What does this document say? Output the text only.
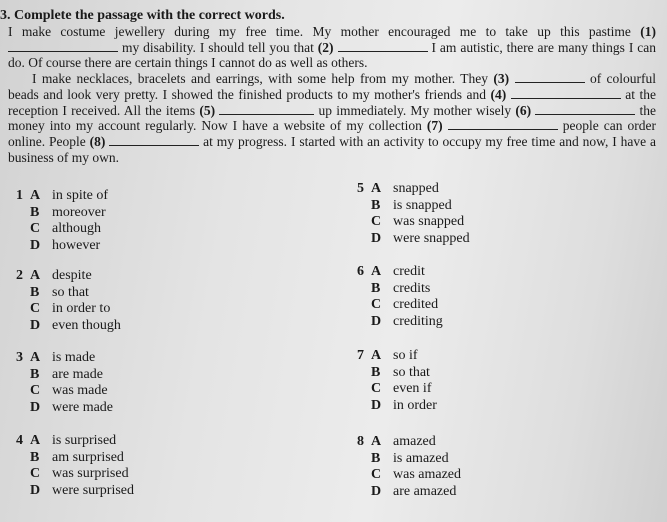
3. Complete the passage with the correct words.

I make costume jewellery during my free time. My mother encouraged me to take up this pastime (1)  my disability. I should tell you that (2)	I am autistic, there are many things I can do. Of course there are certain things I cannot do as well as others.

I make necklaces, bracelets and earrings, with some help from my mother. They (3)	of colourful beads and look very pretty. I showed the finished products to my mother's friends and (4)	at the reception I received. All the items (5)	up immediately. My mother wisely (6)	the money into my account regularly. Now I have a website of my collection (7)	people can order online. People (8)	at my progress. I started with an activity to occupy my free time and now, I have a business of my own.

1 A in spite of
B moreover
C although
D however
2 A despite
B so that
C in order to
D even though
3 A is made
B are made
C was made
D were made
4 A is surprised
B am surprised
C was surprised
D were surprised
5 A snapped
B is snapped
C was snapped
D were snapped
6 A credit
B credits
C credited
D crediting
7 A so if
B so that
C even if
D in order
8 A amazed
B is amazed
C was amazed
D are amazed
